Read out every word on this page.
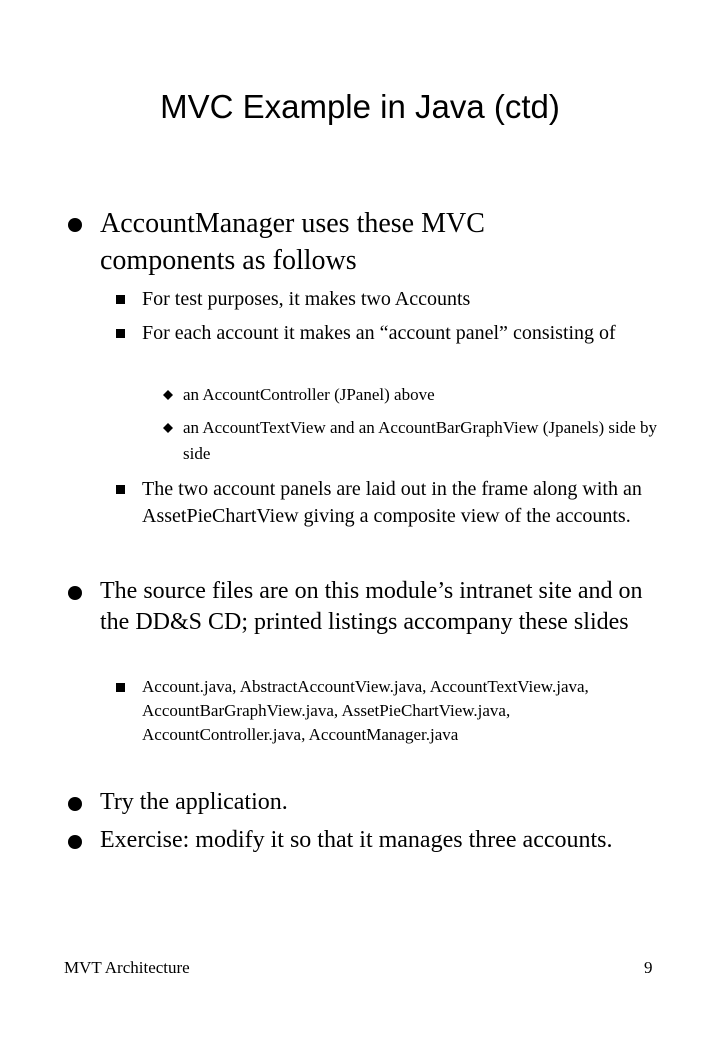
MVC Example in Java (ctd)
AccountManager uses these MVC components as follows
For test purposes, it makes two Accounts
For each account it makes an “account panel” consisting of
an AccountController (JPanel) above
an AccountTextView and an AccountBarGraphView (Jpanels) side by side
The two account panels are laid out in the frame along with an AssetPieChartView giving a composite view of the accounts.
The source files are on this module’s intranet site and on the DD&S CD; printed listings accompany these slides
Account.java, AbstractAccountView.java, AccountTextView.java, AccountBarGraphView.java, AssetPieChartView.java, AccountController.java, AccountManager.java
Try the application.
Exercise: modify it so that it manages three accounts.
MVT Architecture	9
